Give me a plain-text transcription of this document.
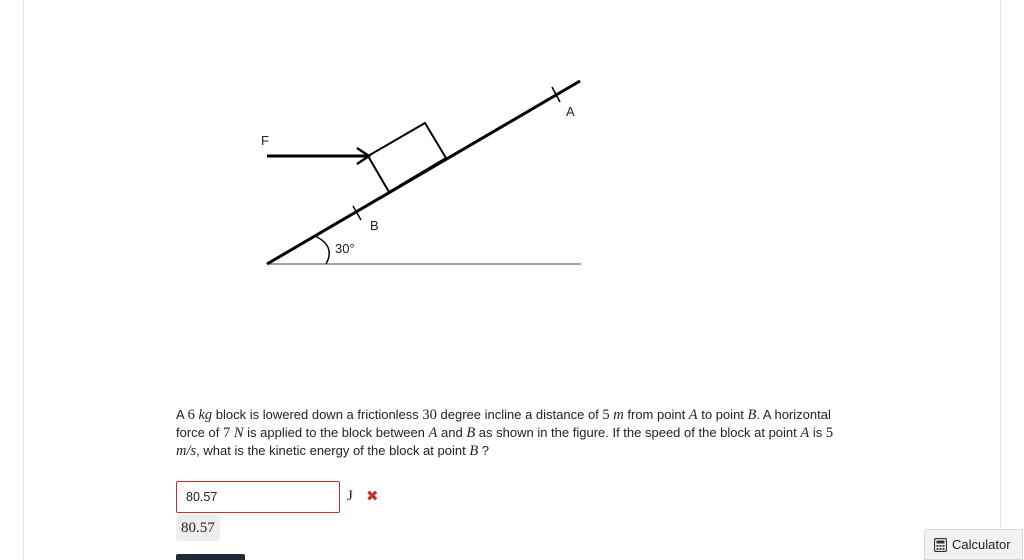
F
A
B
30°
A 6 kg block is lowered down a frictionless 30 degree incline a distance of 5 m from point A to point B. A horizontal force of 7 N is applied to the block between A and B as shown in the figure. If the speed of the block at point A is 5 m/s, what is the kinetic energy of the block at point B ?
80.57
J ✖
80.57
Calculator
